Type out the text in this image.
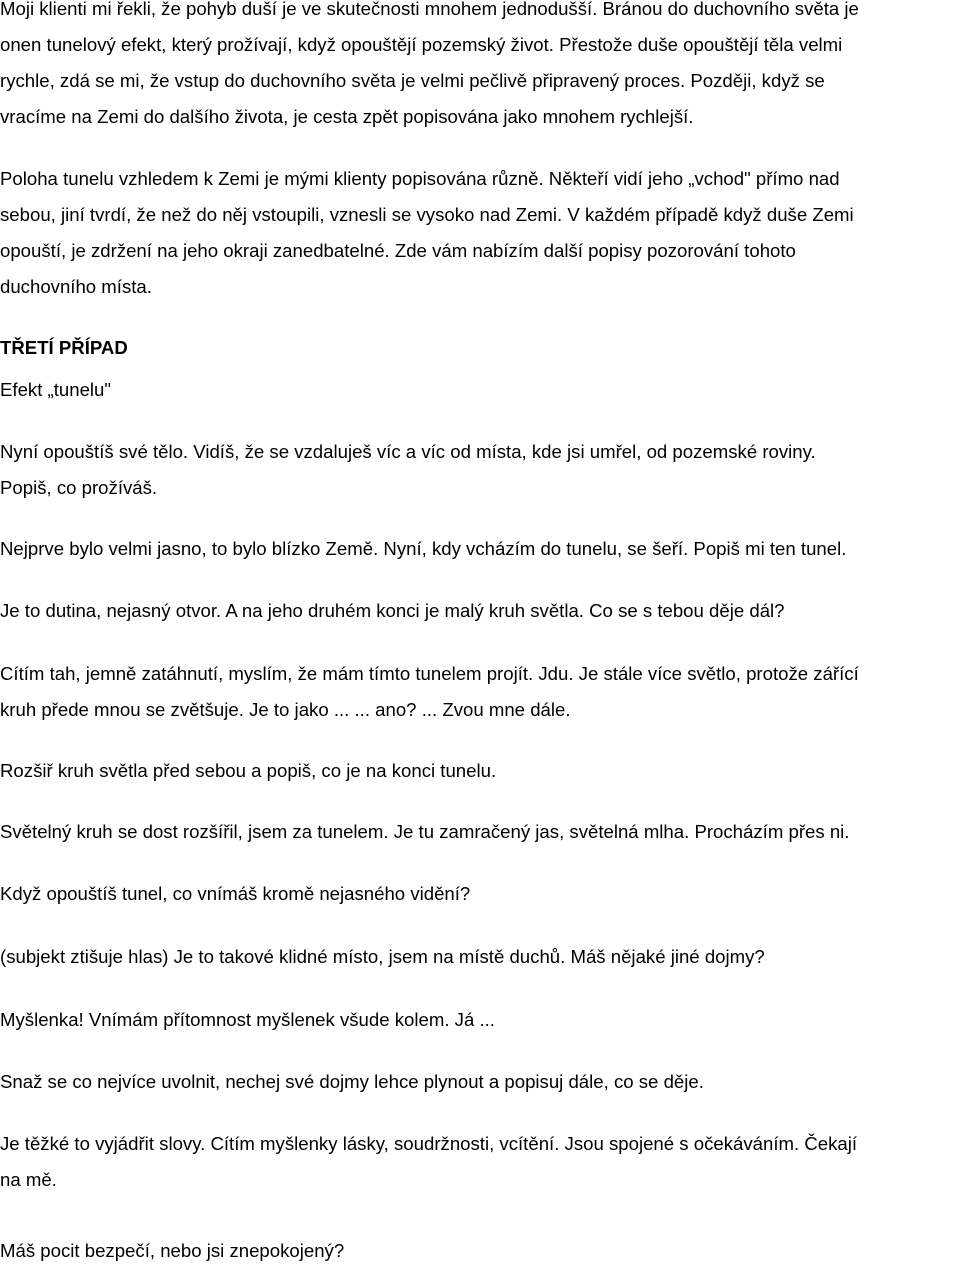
Moji klienti mi řekli, že pohyb duší je ve skutečnosti mnohem jednodušší. Bránou do duchovního světa je
onen tunelový efekt, který prožívají, když opouštějí pozemský život. Přestože duše opouštějí těla velmi
rychle, zdá se mi, že vstup do duchovního světa je velmi pečlivě připravený proces. Později, když se
vracíme na Zemi do dalšího života, je cesta zpět popisována jako mnohem rychlejší.

Poloha tunelu vzhledem k Zemi je mými klienty popisována různě. Někteří vidí jeho „vchod" přímo nad
sebou, jiní tvrdí, že než do něj vstoupili, vznesli se vysoko nad Zemi. V každém případě když duše Zemi
opouští, je zdržení na jeho okraji zanedbatelné. Zde vám nabízím další popisy pozorování tohoto
duchovního místa.

TŘETÍ PŘÍPAD

Efekt „tunelu"

Nyní opouštíš své tělo. Vidíš, že se vzdaluješ víc a víc od místa, kde jsi umřel, od pozemské roviny.
Popiš, co prožíváš.

Nejprve bylo velmi jasno, to bylo blízko Země. Nyní, kdy vcházím do tunelu, se šeří. Popiš mi ten tunel.

Je to dutina, nejasný otvor. A na jeho druhém konci je malý kruh světla. Co se s tebou děje dál?

Cítím tah, jemně zatáhnutí, myslím, že mám tímto tunelem projít. Jdu. Je stále více světlo, protože zářící
kruh přede mnou se zvětšuje. Je to jako ... ... ano? ... Zvou mne dále.

Rozšiř kruh světla před sebou a popiš, co je na konci tunelu.

Světelný kruh se dost rozšířil, jsem za tunelem. Je tu zamračený jas, světelná mlha. Procházím přes ni.

Když opouštíš tunel, co vnímáš kromě nejasného vidění?

(subjekt ztišuje hlas) Je to takové klidné místo, jsem na místě duchů. Máš nějaké jiné dojmy?

Myšlenka! Vnímám přítomnost myšlenek všude kolem. Já ...

Snaž se co nejvíce uvolnit, nechej své dojmy lehce plynout a popisuj dále, co se děje.

Je těžké to vyjádřit slovy. Cítím myšlenky lásky, soudržnosti, vcítění. Jsou spojené s očekáváním. Čekají
na mě.

Máš pocit bezpečí, nebo jsi znepokojený?
